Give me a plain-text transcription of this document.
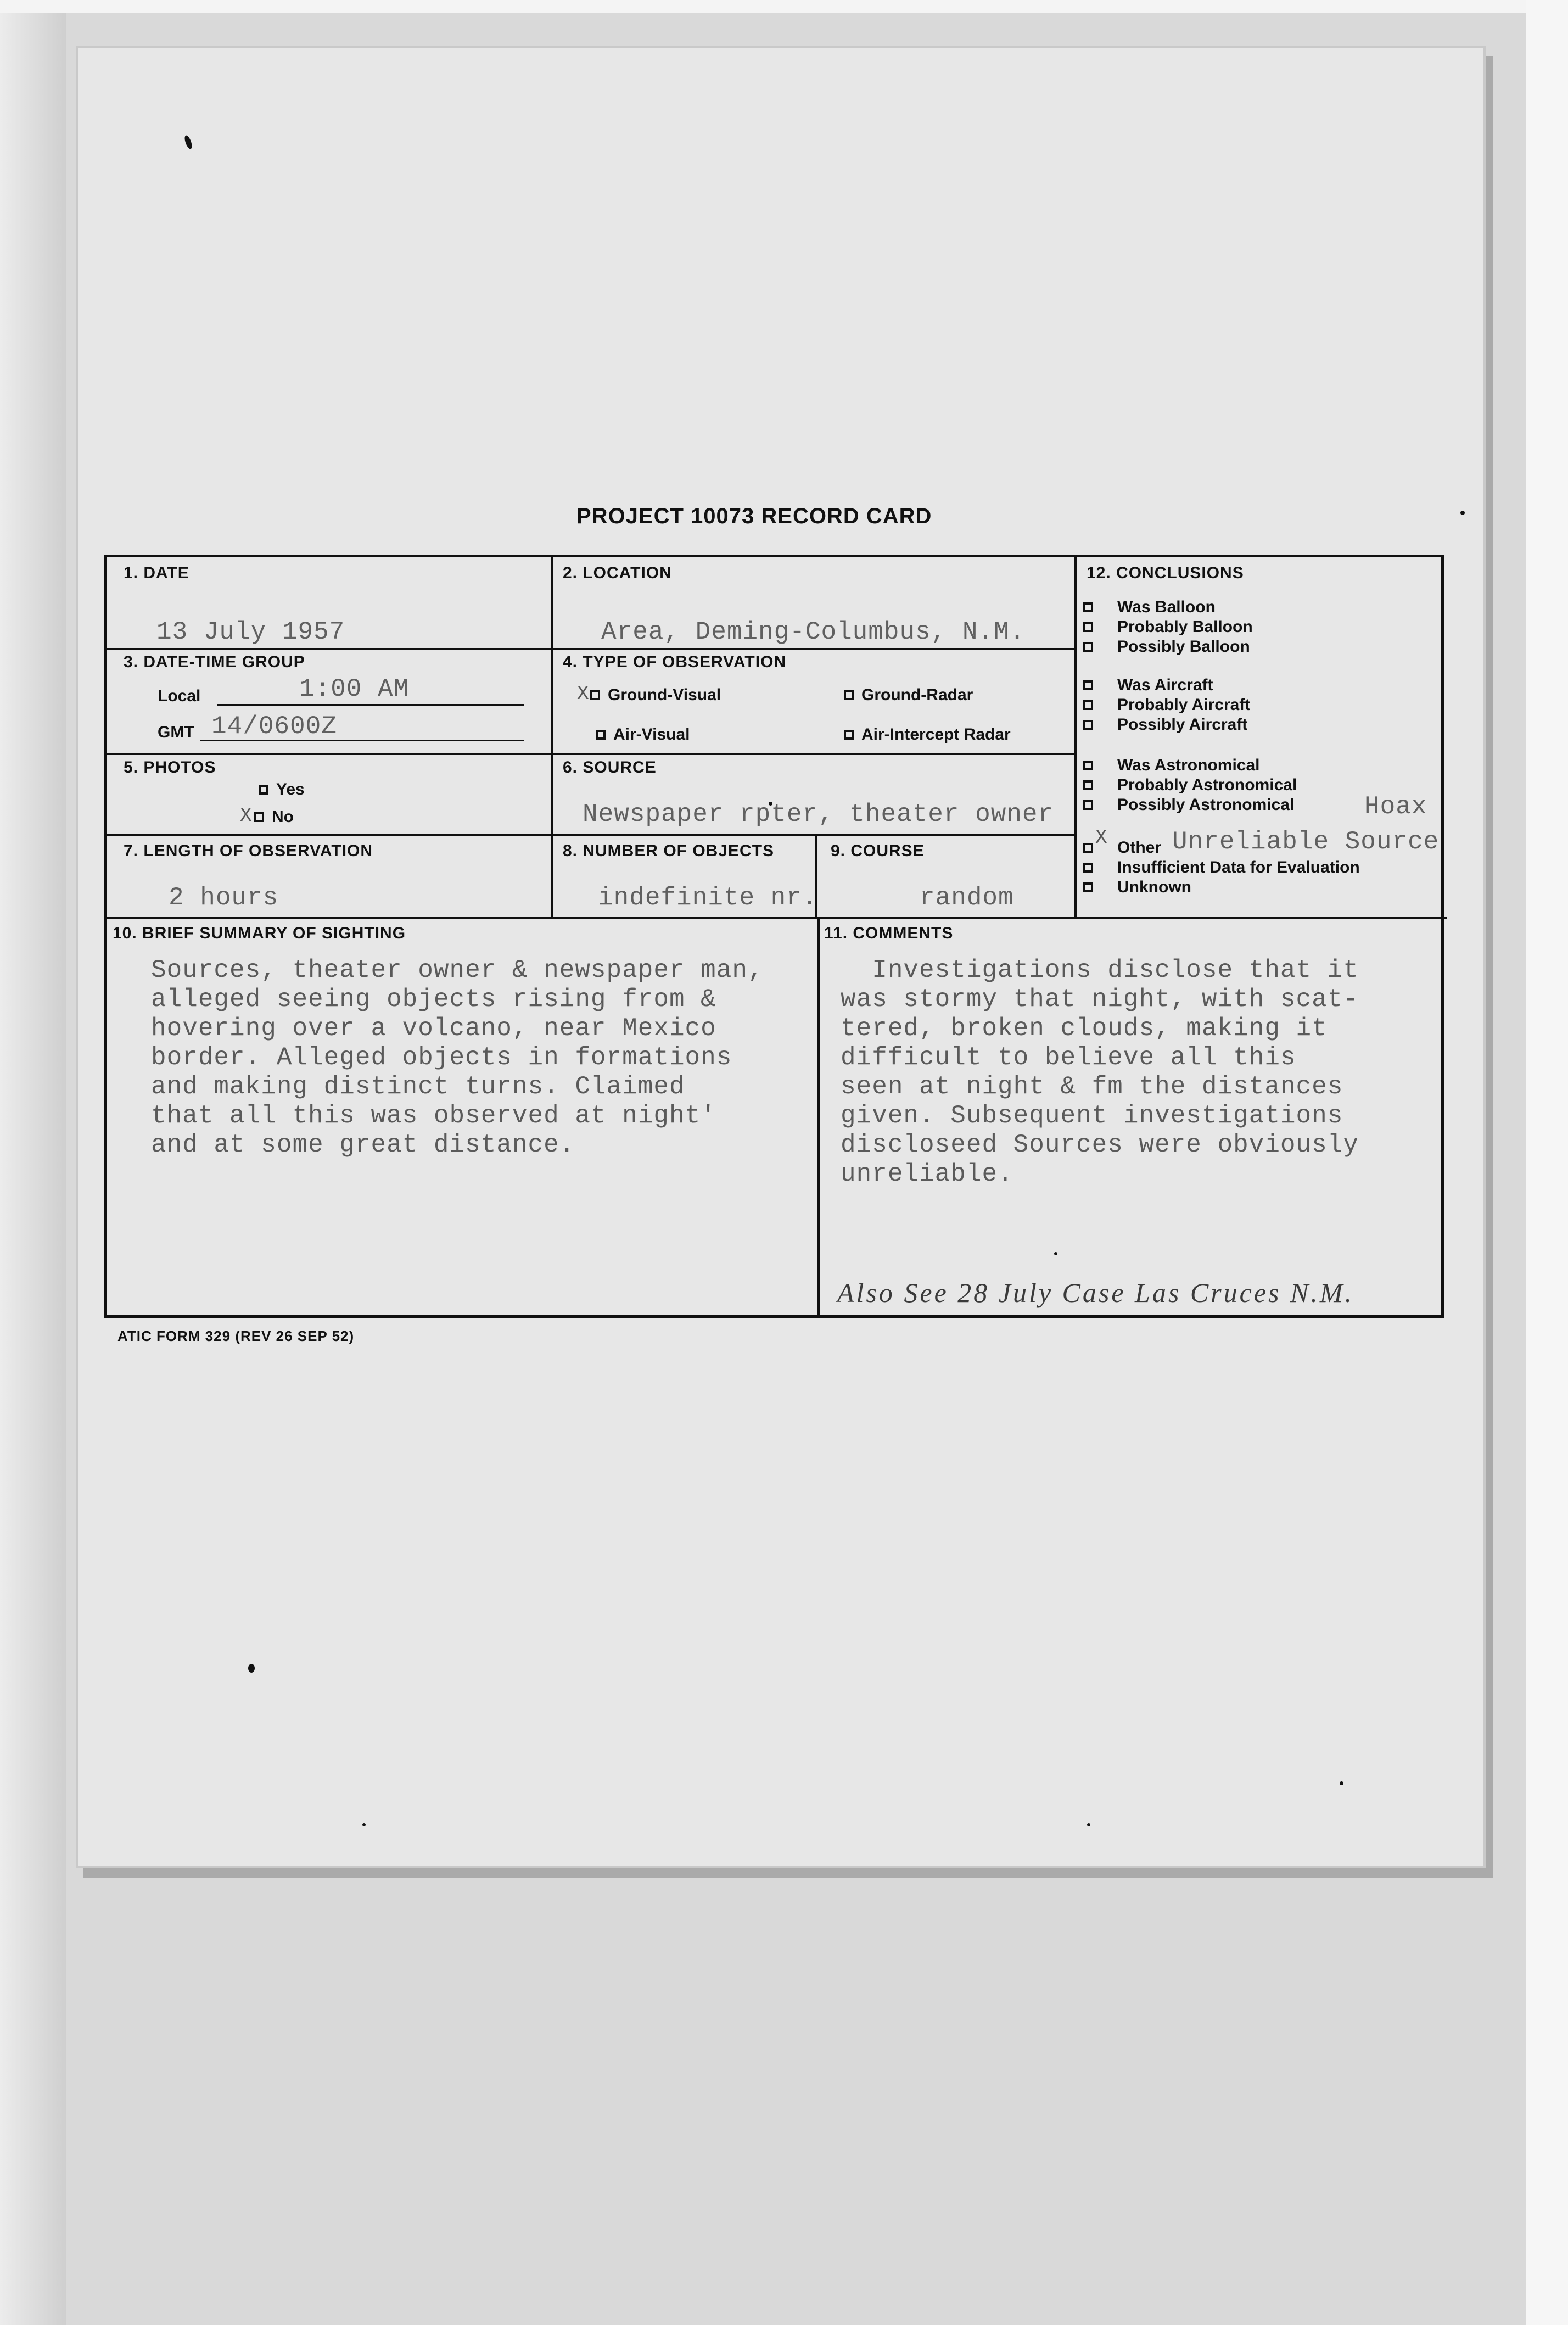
PROJECT 10073 RECORD CARD
1. DATE
13 July 1957
2. LOCATION
Area, Deming-Columbus, N.M.
3. DATE-TIME GROUP
Local	1:00 AM
GMT 14/0600Z
4. TYPE OF OBSERVATION
X Ground-Visual	Ground-Radar
Air-Visual	Air-Intercept Radar
5. PHOTOS
Yes
X No
6. SOURCE
Newspaper rpter, theater owner
7. LENGTH OF OBSERVATION
2 hours
8. NUMBER OF OBJECTS
indefinite nr.
9. COURSE
random
10. BRIEF SUMMARY OF SIGHTING
Sources, theater owner & newspaper man,
alleged seeing objects rising from &
hovering over a volcano, near Mexico
border. Alleged objects in formations
and making distinct turns. Claimed
that all this was observed at night'
and at some great distance.
11. COMMENTS
Investigations disclose that it
was stormy that night, with scat-
tered, broken clouds, making it
difficult to believe all this
seen at night & fm the distances
given. Subsequent investigations
discloseed Sources were obviously
unreliable.
Also See 28 July Case Las Cruces N.M.
12. CONCLUSIONS
Was Balloon
Probably Balloon
Possibly Balloon
Was Aircraft
Probably Aircraft
Possibly Aircraft
Was Astronomical
Probably Astronomical
Possibly Astronomical	Hoax
X Other Unreliable Source
Insufficient Data for Evaluation
Unknown
ATIC FORM 329 (REV 26 SEP 52)
